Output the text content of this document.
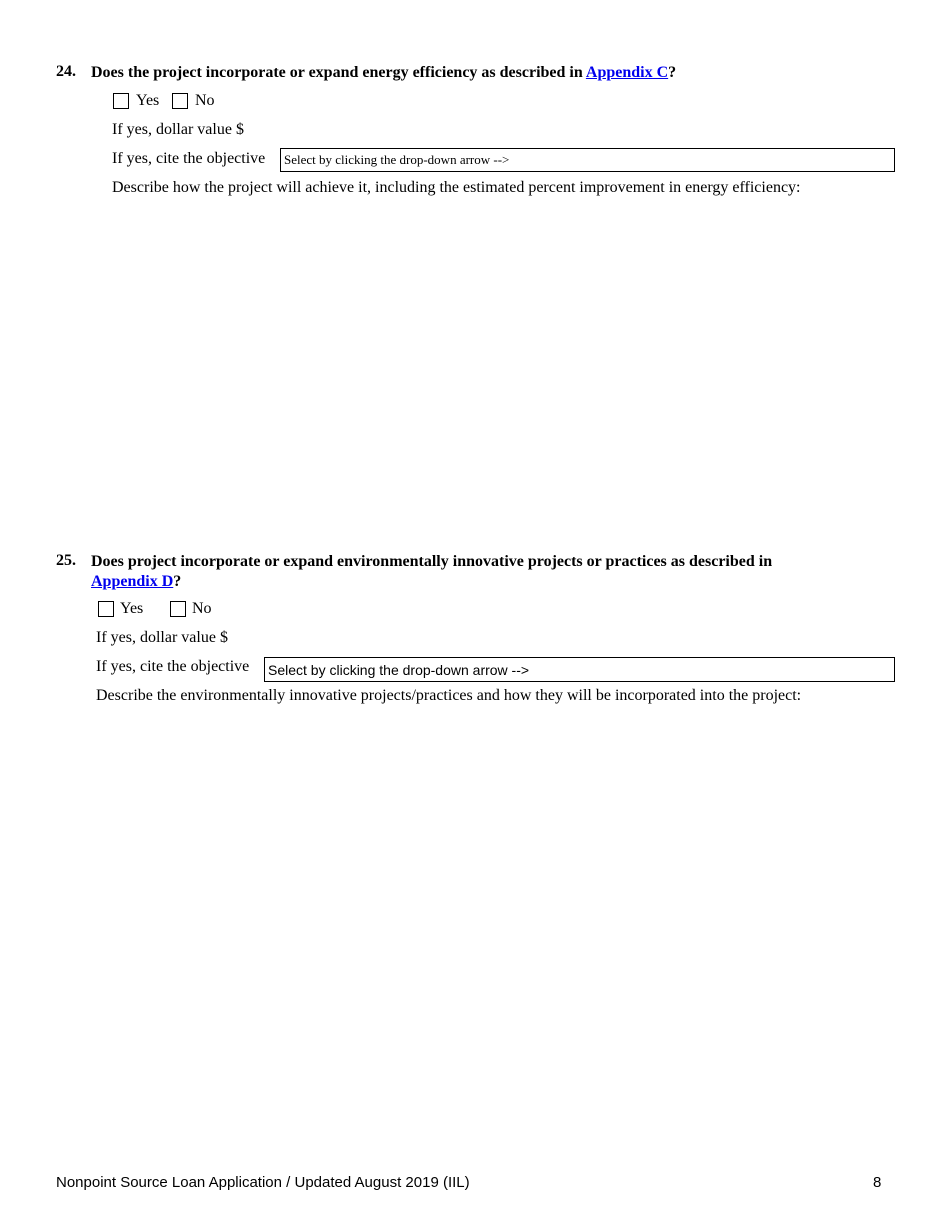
24. Does the project incorporate or expand energy efficiency as described in Appendix C?
Yes No
If yes, dollar value $
If yes, cite the objective Select by clicking the drop-down arrow -->
Describe how the project will achieve it, including the estimated percent improvement in energy efficiency:
25. Does project incorporate or expand environmentally innovative projects or practices as described in
Appendix D?
Yes	No
If yes, dollar value $
If yes, cite the objective Select by clicking the drop-down arrow -->
Describe the environmentally innovative projects/practices and how they will be incorporated into the project:
Nonpoint Source Loan Application / Updated August 2019 (IIL)	8
